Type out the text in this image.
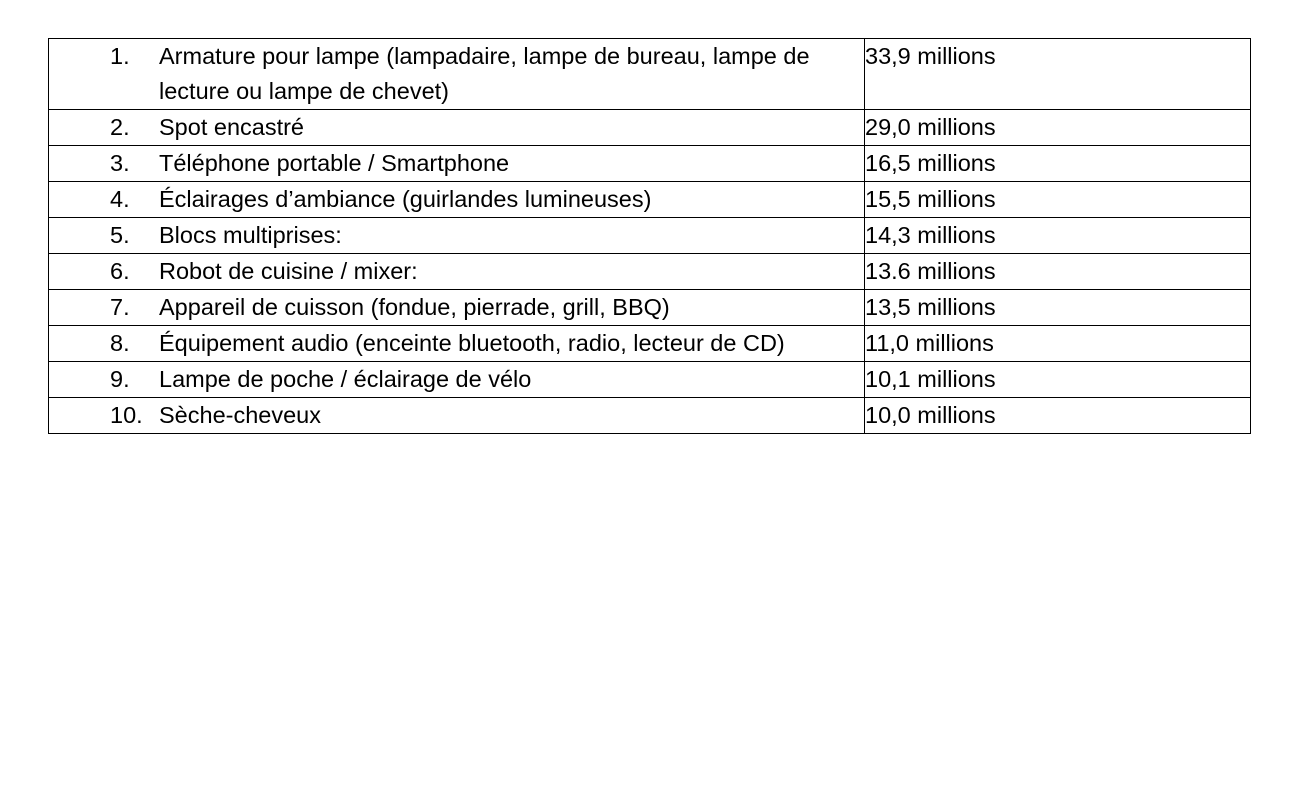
1. Armature pour lampe (lampadaire, lampe de bureau, lampe de lecture ou lampe de chevet)	33,9 millions

2. Spot encastré	29,0 millions

3. Téléphone portable / Smartphone	16,5 millions

4. Éclairages d’ambiance (guirlandes lumineuses)	15,5 millions

5. Blocs multiprises:	14,3 millions

6. Robot de cuisine / mixer:	13.6 millions

7. Appareil de cuisson (fondue, pierrade, grill, BBQ)	13,5 millions

8. Équipement audio (enceinte bluetooth, radio, lecteur de CD)	11,0 millions

9. Lampe de poche / éclairage de vélo	10,1 millions

10. Sèche-cheveux	10,0 millions
